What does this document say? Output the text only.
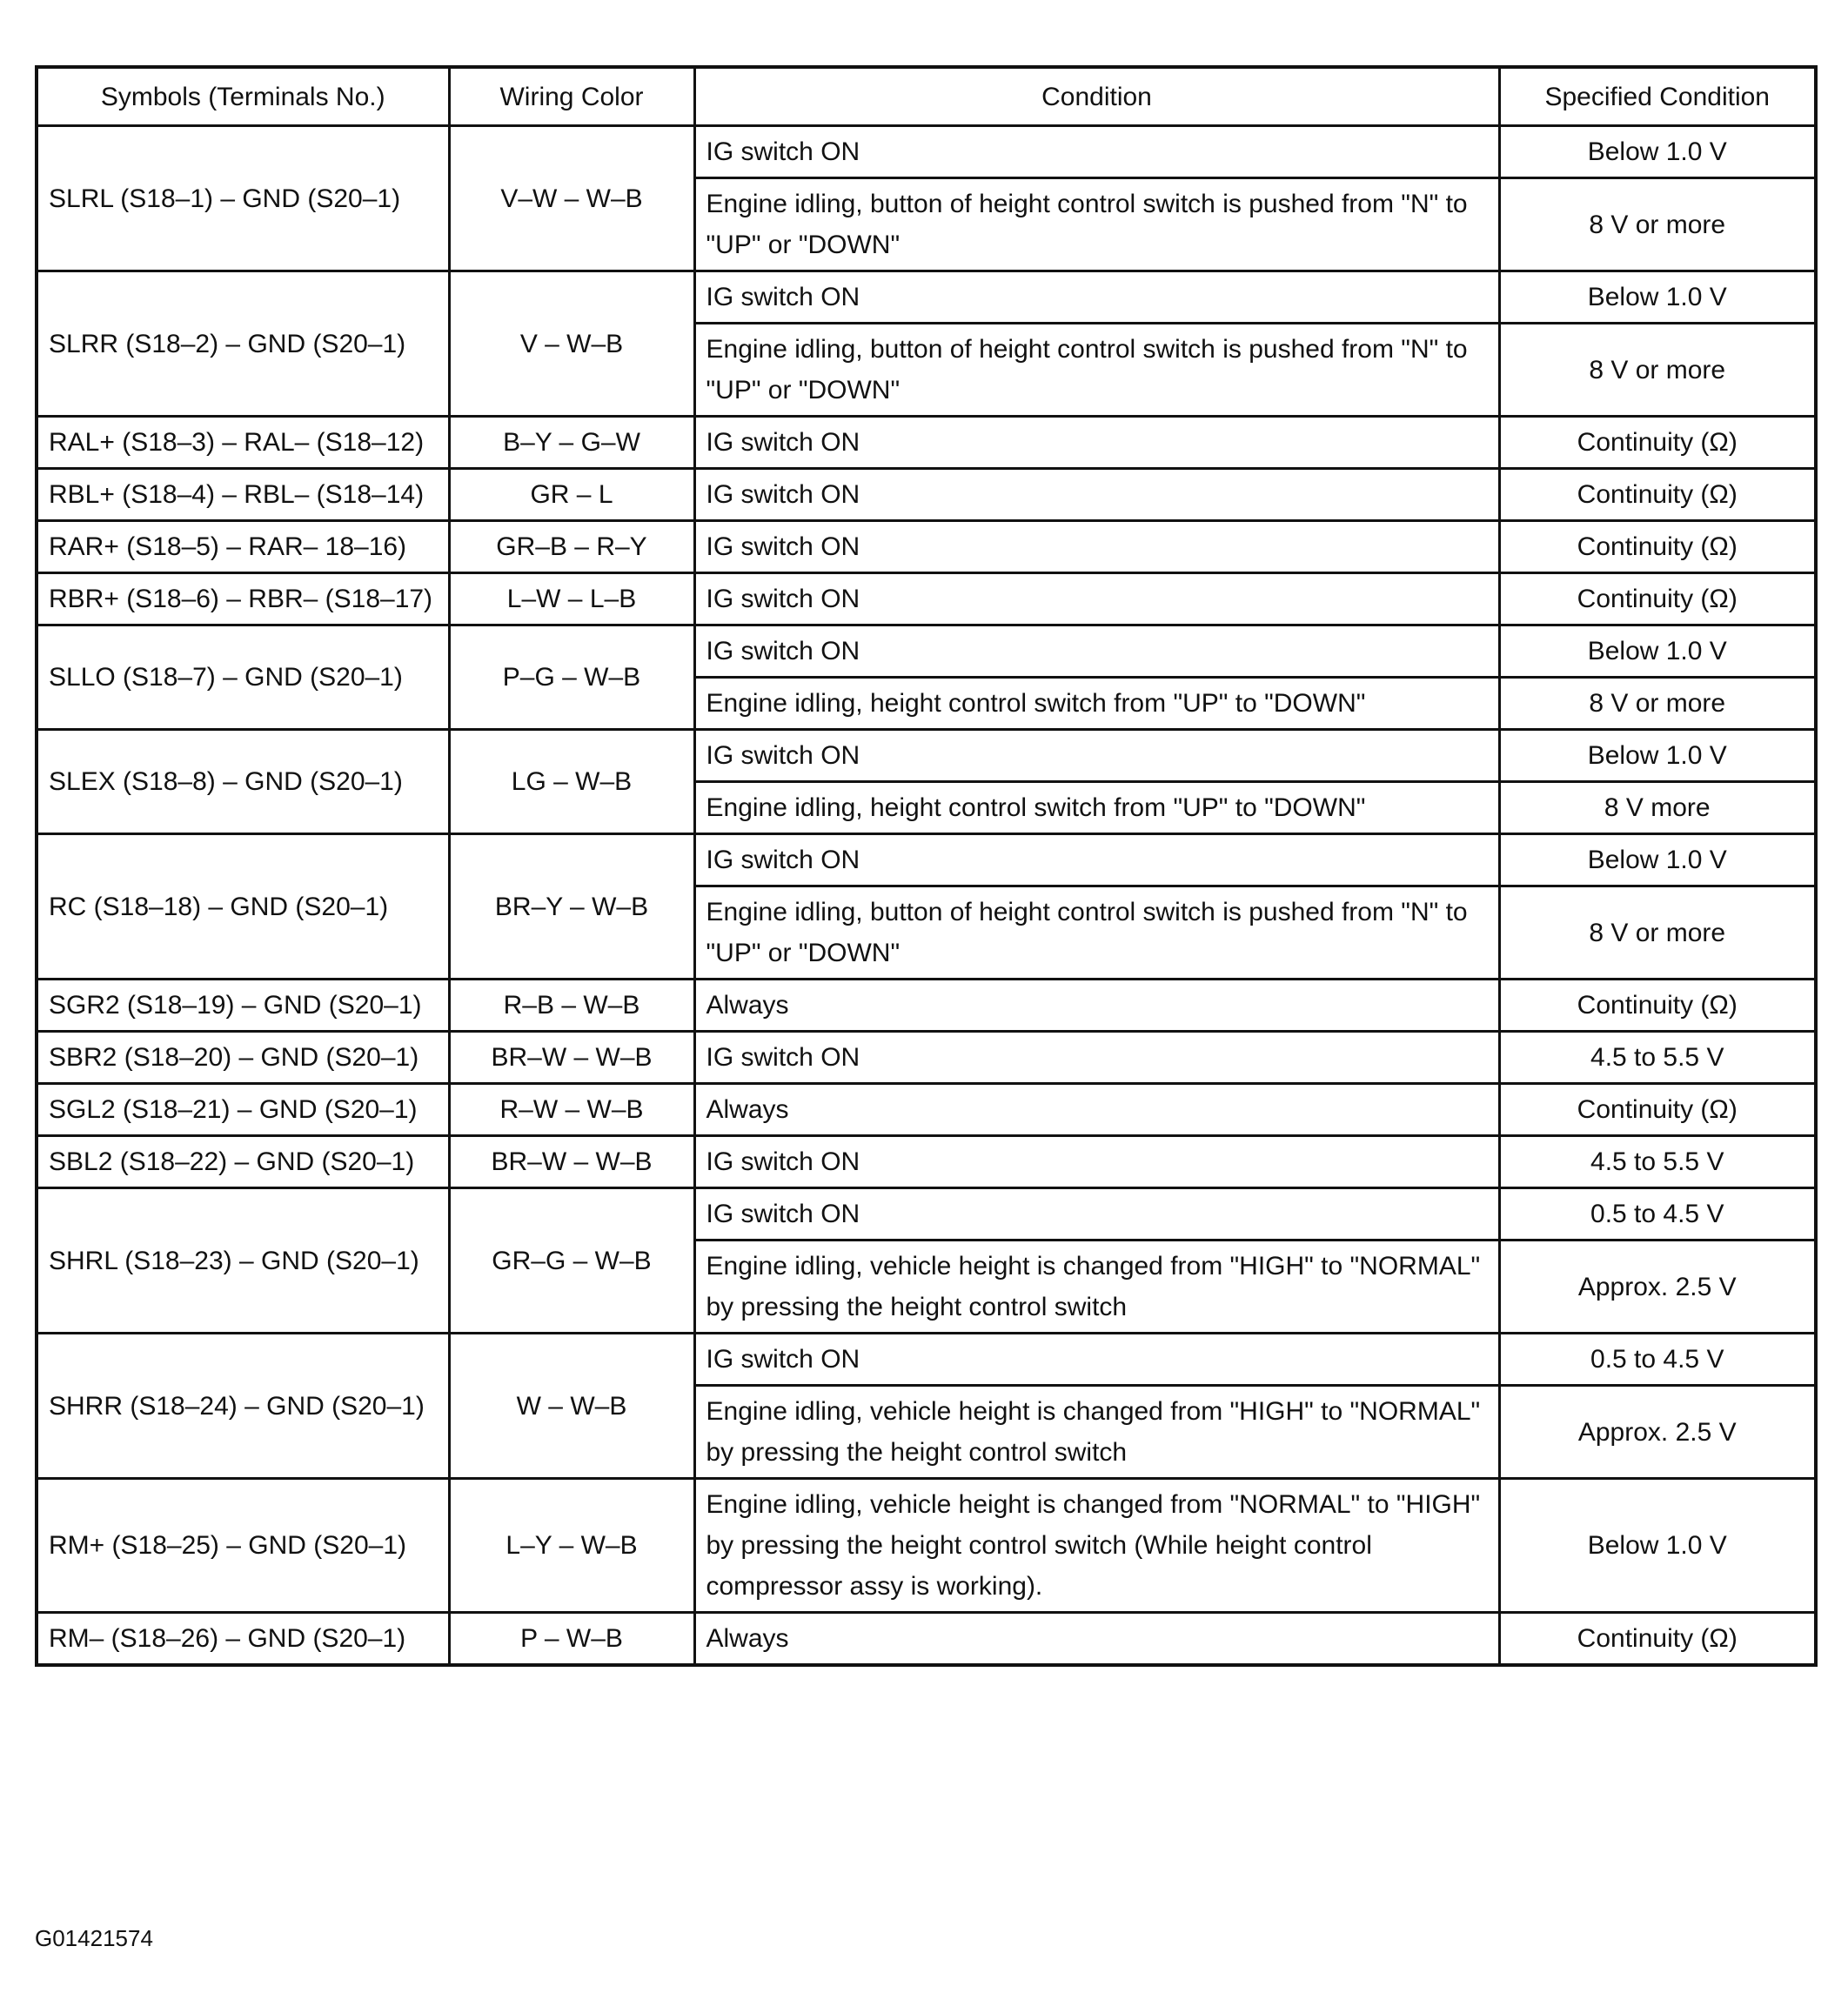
Symbols (Terminals No.)	Wiring Color	Condition	Specified Condition
SLRL (S18–1) – GND (S20–1)	V–W – W–B	IG switch ON	Below 1.0 V
		Engine idling, button of height control switch is pushed from "N" to "UP" or "DOWN"	8 V or more
SLRR (S18–2) – GND (S20–1)	V – W–B	IG switch ON	Below 1.0 V
		Engine idling, button of height control switch is pushed from "N" to "UP" or "DOWN"	8 V or more
RAL+ (S18–3) – RAL– (S18–12)	B–Y – G–W	IG switch ON	Continuity (Ω)
RBL+ (S18–4) – RBL– (S18–14)	GR – L	IG switch ON	Continuity (Ω)
RAR+ (S18–5) – RAR– 18–16)	GR–B – R–Y	IG switch ON	Continuity (Ω)
RBR+ (S18–6) – RBR– (S18–17)	L–W – L–B	IG switch ON	Continuity (Ω)
SLLO (S18–7) – GND (S20–1)	P–G – W–B	IG switch ON	Below 1.0 V
		Engine idling, height control switch from "UP" to "DOWN"	8 V or more
SLEX (S18–8) – GND (S20–1)	LG – W–B	IG switch ON	Below 1.0 V
		Engine idling, height control switch from "UP" to "DOWN"	8 V more
RC (S18–18) – GND (S20–1)	BR–Y – W–B	IG switch ON	Below 1.0 V
		Engine idling, button of height control switch is pushed from "N" to "UP" or "DOWN"	8 V or more
SGR2 (S18–19) – GND (S20–1)	R–B – W–B	Always	Continuity (Ω)
SBR2 (S18–20) – GND (S20–1)	BR–W – W–B	IG switch ON	4.5 to 5.5 V
SGL2 (S18–21) – GND (S20–1)	R–W – W–B	Always	Continuity (Ω)
SBL2 (S18–22) – GND (S20–1)	BR–W – W–B	IG switch ON	4.5 to 5.5 V
SHRL (S18–23) – GND (S20–1)	GR–G – W–B	IG switch ON	0.5 to 4.5 V
		Engine idling, vehicle height is changed from "HIGH" to "NORMAL" by pressing the height control switch	Approx. 2.5 V
SHRR (S18–24) – GND (S20–1)	W – W–B	IG switch ON	0.5 to 4.5 V
		Engine idling, vehicle height is changed from "HIGH" to "NORMAL" by pressing the height control switch	Approx. 2.5 V
RM+ (S18–25) – GND (S20–1)	L–Y – W–B	Engine idling, vehicle height is changed from "NORMAL" to "HIGH" by pressing the height control switch (While height control compressor assy is working).	Below 1.0 V
RM– (S18–26) – GND (S20–1)	P – W–B	Always	Continuity (Ω)
G01421574
